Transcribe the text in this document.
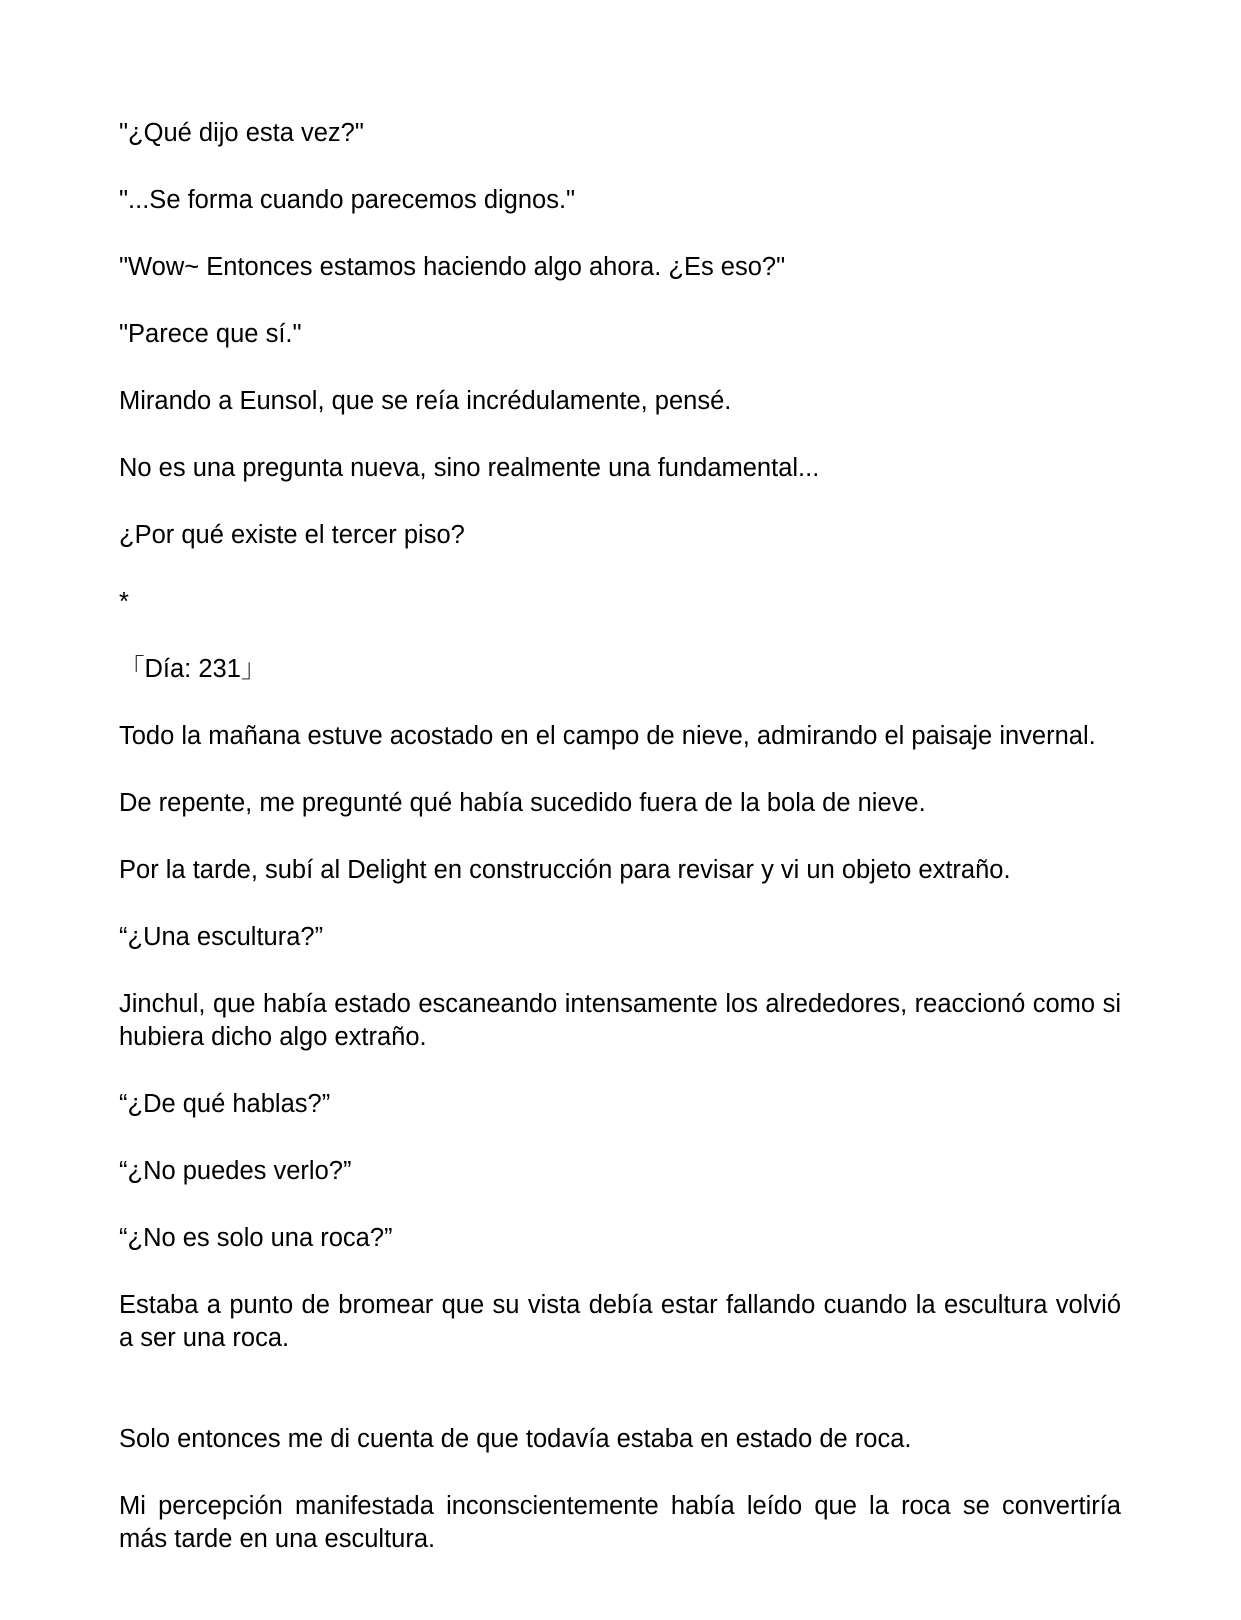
"¿Qué dijo esta vez?"

"...Se forma cuando parecemos dignos."

"Wow~ Entonces estamos haciendo algo ahora. ¿Es eso?"

"Parece que sí."

Mirando a Eunsol, que se reía incrédulamente, pensé.

No es una pregunta nueva, sino realmente una fundamental...

¿Por qué existe el tercer piso?

*

「Día: 231」

Todo la mañana estuve acostado en el campo de nieve, admirando el paisaje invernal.

De repente, me pregunté qué había sucedido fuera de la bola de nieve.

Por la tarde, subí al Delight en construcción para revisar y vi un objeto extraño.

“¿Una escultura?”

Jinchul, que había estado escaneando intensamente los alrededores, reaccionó como si hubiera dicho algo extraño.

“¿De qué hablas?”

“¿No puedes verlo?”

“¿No es solo una roca?”

Estaba a punto de bromear que su vista debía estar fallando cuando la escultura volvió a ser una roca.

Solo entonces me di cuenta de que todavía estaba en estado de roca.

Mi percepción manifestada inconscientemente había leído que la roca se convertiría más tarde en una escultura.
